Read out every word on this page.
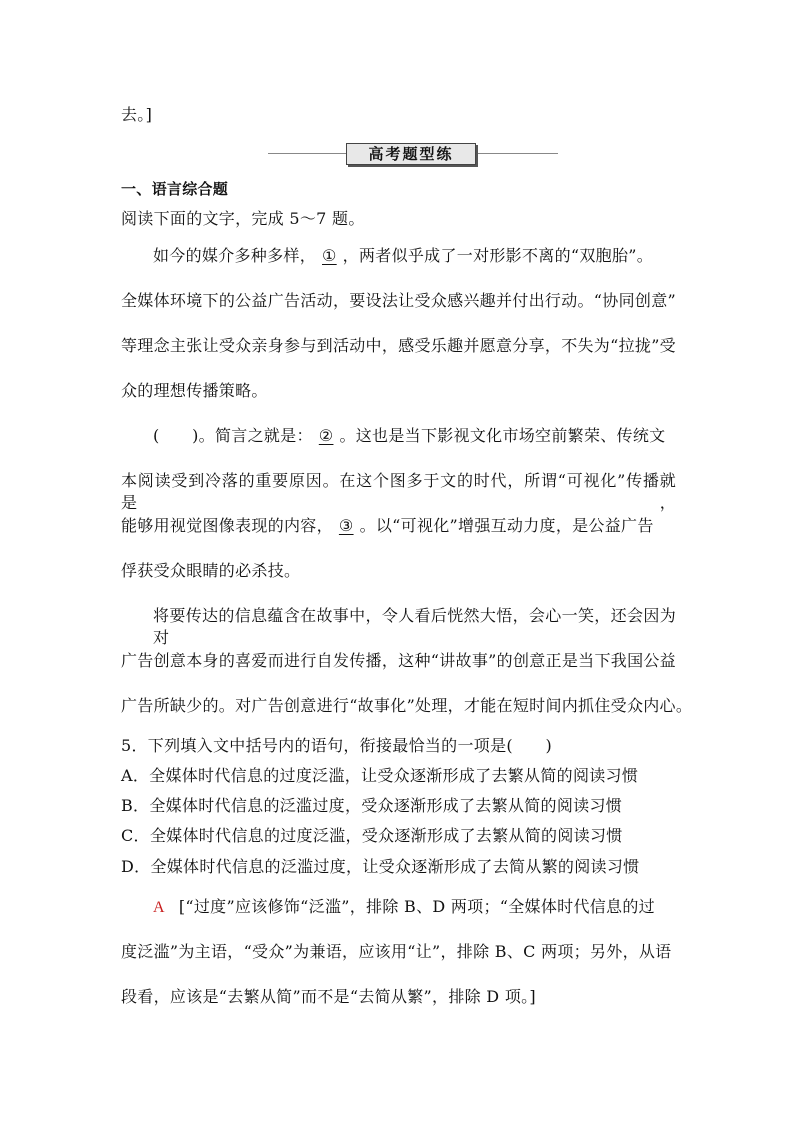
去。]
高考题型练
一、语言综合题
阅读下面的文字，完成 5～7 题。
如今的媒介多种多样， ① ，两者似乎成了一对形影不离的“双胞胎”。
全媒体环境下的公益广告活动，要设法让受众感兴趣并付出行动。“协同创意”
等理念主张让受众亲身参与到活动中，感受乐趣并愿意分享，不失为“拉拢”受
众的理想传播策略。
(　　)。简言之就是： ② 。这也是当下影视文化市场空前繁荣、传统文
本阅读受到冷落的重要原因。在这个图多于文的时代，所谓“可视化”传播就是，
能够用视觉图像表现的内容， ③ 。以“可视化”增强互动力度，是公益广告
俘获受众眼睛的必杀技。
将要传达的信息蕴含在故事中，令人看后恍然大悟，会心一笑，还会因为对
广告创意本身的喜爱而进行自发传播，这种“讲故事”的创意正是当下我国公益
广告所缺少的。对广告创意进行“故事化”处理，才能在短时间内抓住受众内心。
5．下列填入文中括号内的语句，衔接最恰当的一项是(　　)
A．全媒体时代信息的过度泛滥，让受众逐渐形成了去繁从简的阅读习惯
B．全媒体时代信息的泛滥过度，受众逐渐形成了去繁从简的阅读习惯
C．全媒体时代信息的过度泛滥，受众逐渐形成了去繁从简的阅读习惯
D．全媒体时代信息的泛滥过度，让受众逐渐形成了去简从繁的阅读习惯
A [“过度”应该修饰“泛滥”，排除 B、D 两项；“全媒体时代信息的过
度泛滥”为主语，“受众”为兼语，应该用“让”，排除 B、C 两项；另外，从语
段看，应该是“去繁从简”而不是“去简从繁”，排除 D 项。]
